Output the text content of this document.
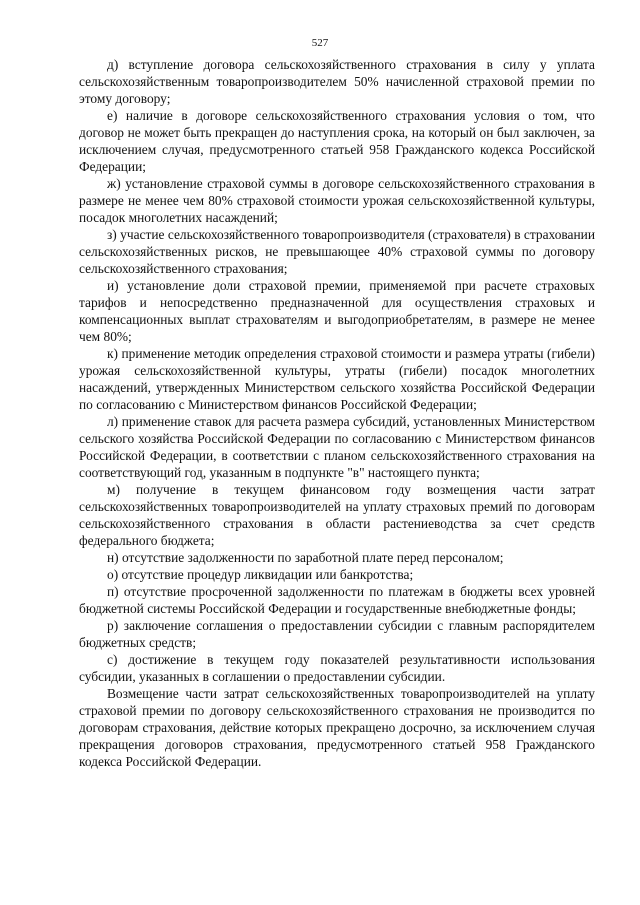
527

д) вступление договора сельскохозяйственного страхования в силу у уплата сельскохозяйственным товаропроизводителем 50% начисленной страховой премии по этому договору;

е) наличие в договоре сельскохозяйственного страхования условия о том, что договор не может быть прекращен до наступления срока, на который он был заключен, за исключением случая, предусмотренного статьей 958 Гражданского кодекса Российской Федерации;

ж) установление страховой суммы в договоре сельскохозяйственного страхования в размере не менее чем 80% страховой стоимости урожая сельскохозяйственной культуры, посадок многолетних насаждений;

з) участие сельскохозяйственного товаропроизводителя (страхователя) в страховании сельскохозяйственных рисков, не превышающее 40% страховой суммы по договору сельскохозяйственного страхования;

и) установление доли страховой премии, применяемой при расчете страховых тарифов и непосредственно предназначенной для осуществления страховых и компенсационных выплат страхователям и выгодоприобретателям, в размере не менее чем 80%;

к) применение методик определения страховой стоимости и размера утраты (гибели) урожая сельскохозяйственной культуры, утраты (гибели) посадок многолетних насаждений, утвержденных Министерством сельского хозяйства Российской Федерации по согласованию с Министерством финансов Российской Федерации;

л) применение ставок для расчета размера субсидий, установленных Министерством сельского хозяйства Российской Федерации по согласованию с Министерством финансов Российской Федерации, в соответствии с планом сельскохозяйственного страхования на соответствующий год, указанным в подпункте "в" настоящего пункта;

м) получение в текущем финансовом году возмещения части затрат сельскохозяйственных товаропроизводителей на уплату страховых премий по договорам сельскохозяйственного страхования в области растениеводства за счет средств федерального бюджета;

н) отсутствие задолженности по заработной плате перед персоналом;

о) отсутствие процедур ликвидации или банкротства;

п) отсутствие просроченной задолженности по платежам в бюджеты всех уровней бюджетной системы Российской Федерации и государственные внебюджетные фонды;

р) заключение соглашения о предоставлении субсидии с главным распорядителем бюджетных средств;

с) достижение в текущем году показателей результативности использования субсидии, указанных в соглашении о предоставлении субсидии.

Возмещение части затрат сельскохозяйственных товаропроизводителей на уплату страховой премии по договору сельскохозяйственного страхования не производится по договорам страхования, действие которых прекращено досрочно, за исключением случая прекращения договоров страхования, предусмотренного статьей 958 Гражданского кодекса Российской Федерации.
